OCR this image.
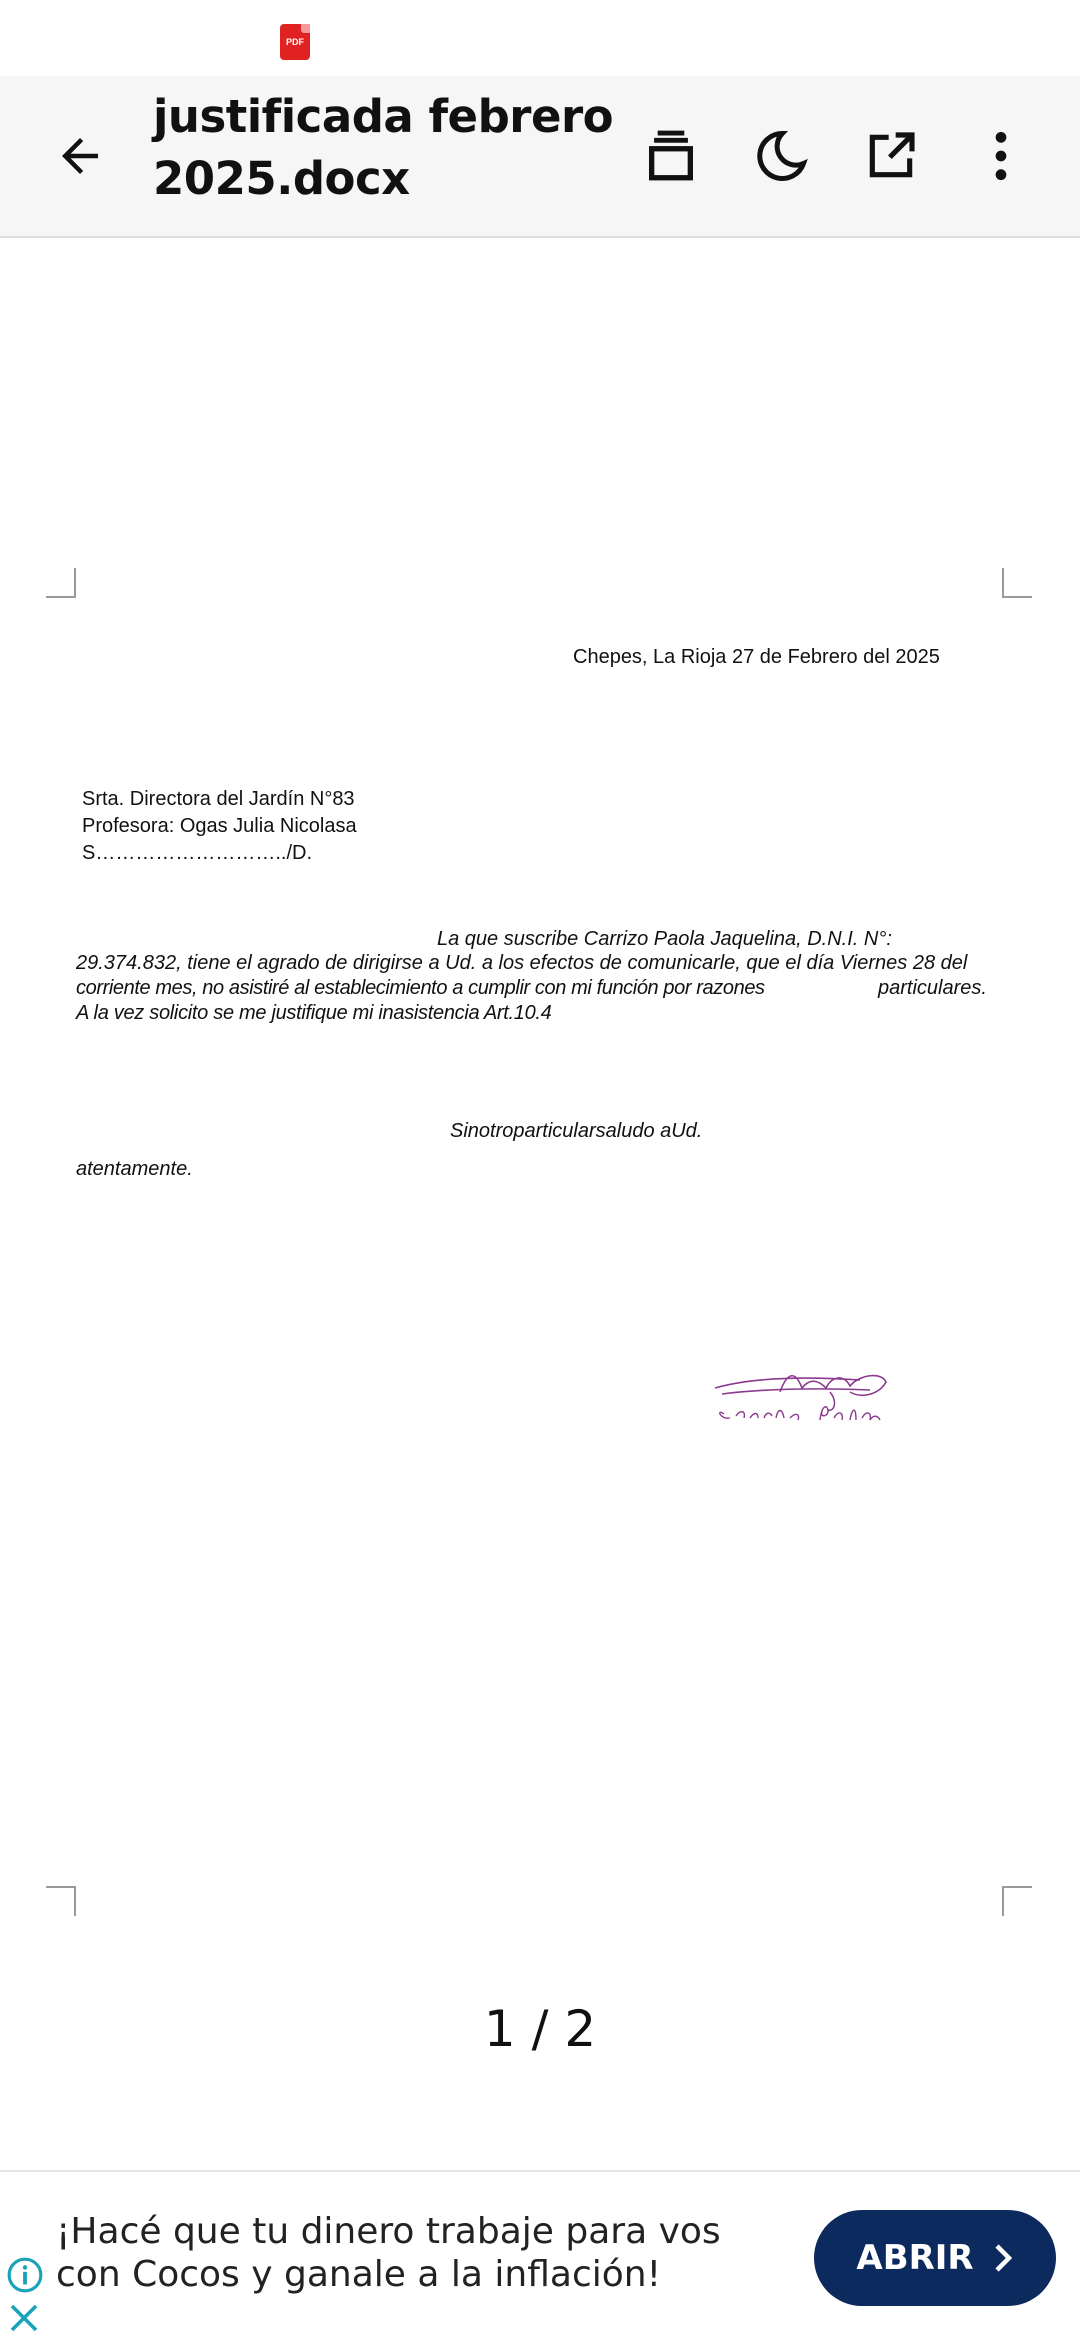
PDF
justificada febrero 2025.docx
Chepes, La Rioja 27 de Febrero del 2025
Srta. Directora del Jardín N°83
Profesora: Ogas Julia Nicolasa
S………………………../D.
La que suscribe Carrizo Paola Jaquelina, D.N.I. N°:
29.374.832, tiene el agrado de dirigirse a Ud. a los efectos de comunicarle, que el día Viernes 28 del
corriente mes, no asistiré al establecimiento a cumplir con mi función por razones	particulares.
A la vez solicito se me justifique mi inasistencia Art.10.4
Sinotroparticularsaludo aUd.
atentamente.
1 / 2
¡Hacé que tu dinero trabaje para vos
con Cocos y ganale a la inflación!	ABRIR
